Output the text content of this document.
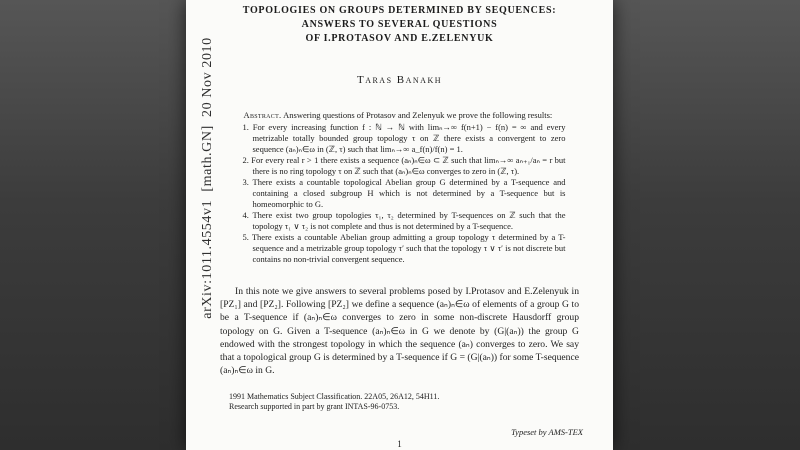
arXiv:1011.4554v1  [math.GN]  20 Nov 2010
TOPOLOGIES ON GROUPS DETERMINED BY SEQUENCES:
ANSWERS TO SEVERAL QUESTIONS
OF I.PROTASOV AND E.ZELENYUK
Taras Banakh
Abstract. Answering questions of Protasov and Zelenyuk we prove the following results:
1. For every increasing function f : ℕ → ℕ with limₙ→∞ f(n+1) − f(n) = ∞ and every metrizable totally bounded group topology τ on ℤ there exists a convergent to zero sequence (aₙ)ₙ∈ω in (ℤ, τ) such that limₙ→∞ a_f(n)/f(n) = 1.
2. For every real r > 1 there exists a sequence (aₙ)ₙ∈ω ⊂ ℤ such that limₙ→∞ aₙ₊₁/aₙ = r but there is no ring topology τ on ℤ such that (aₙ)ₙ∈ω converges to zero in (ℤ, τ).
3. There exists a countable topological Abelian group G determined by a T-sequence and containing a closed subgroup H which is not determined by a T-sequence but is homeomorphic to G.
4. There exist two group topologies τ₁, τ₂ determined by T-sequences on ℤ such that the topology τ₁ ∨ τ₂ is not complete and thus is not determined by a T-sequence.
5. There exists a countable Abelian group admitting a group topology τ determined by a T-sequence and a metrizable group topology τ′ such that the topology τ ∨ τ′ is not discrete but contains no non-trivial convergent sequence.
In this note we give answers to several problems posed by I.Protasov and E.Zelenyuk in [PZ₁] and [PZ₂]. Following [PZ₂] we define a sequence (aₙ)ₙ∈ω of elements of a group G to be a T-sequence if (aₙ)ₙ∈ω converges to zero in some non-discrete Hausdorff group topology on G. Given a T-sequence (aₙ)ₙ∈ω in G we denote by (G|(aₙ)) the group G endowed with the strongest topology in which the sequence (aₙ) converges to zero. We say that a topological group G is determined by a T-sequence if G = (G|(aₙ)) for some T-sequence (aₙ)ₙ∈ω in G.
1991 Mathematics Subject Classification. 22A05, 26A12, 54H11.
Research supported in part by grant INTAS-96-0753.
Typeset by AMS-TEX
1
